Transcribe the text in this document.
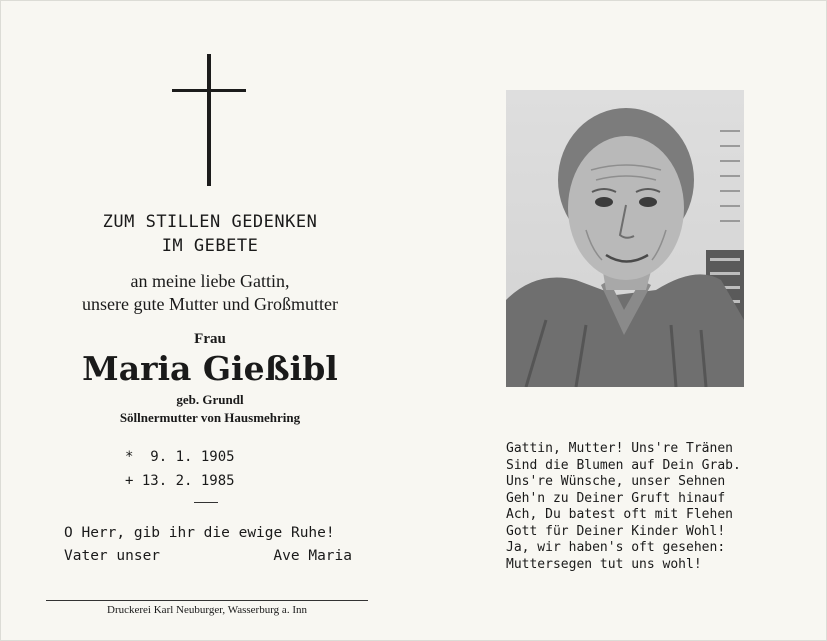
ZUM STILLEN GEDENKEN
IM GEBETE
an meine liebe Gattin,
unsere gute Mutter und Großmutter
Frau
Maria Gießibl
geb. Grundl
Söllnermutter von Hausmehring
*  9. 1. 1905
+ 13. 2. 1985
O Herr, gib ihr die ewige Ruhe!
Vater unser	Ave Maria
Druckerei Karl Neuburger, Wasserburg a. Inn
Gattin, Mutter! Uns're Tränen
Sind die Blumen auf Dein Grab.
Uns're Wünsche, unser Sehnen
Geh'n zu Deiner Gruft hinauf
Ach, Du batest oft mit Flehen
Gott für Deiner Kinder Wohl!
Ja, wir haben's oft gesehen:
Muttersegen tut uns wohl!
